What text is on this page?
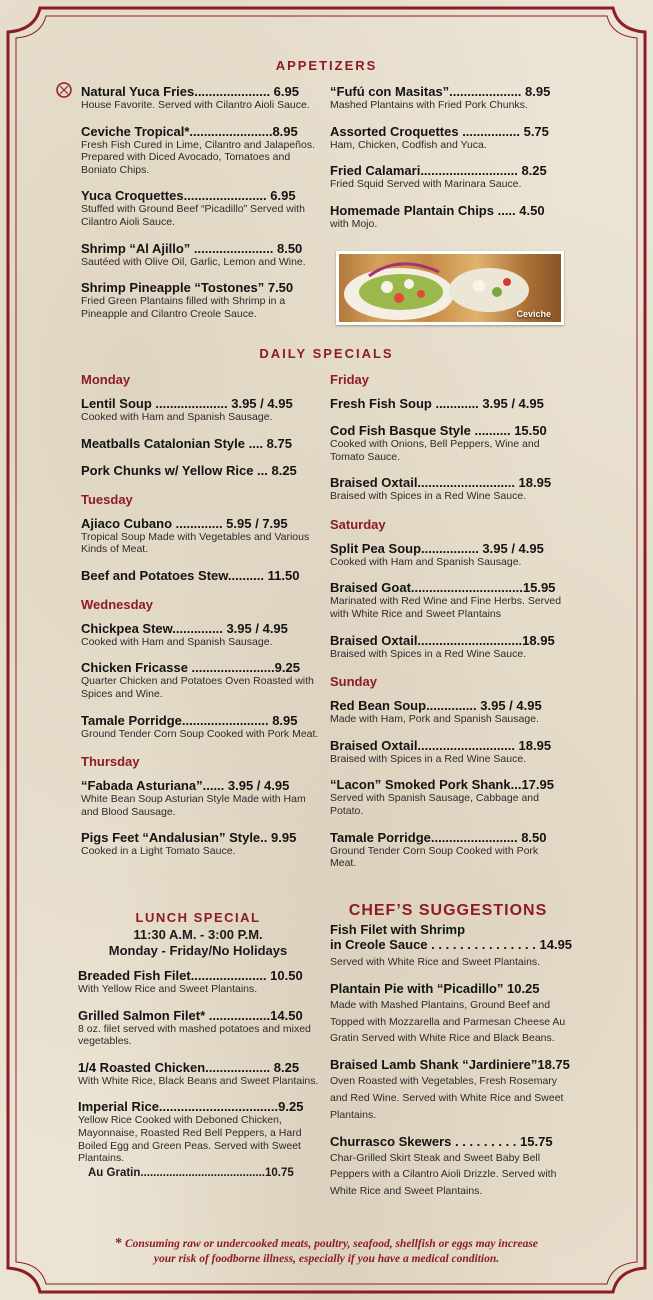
APPETIZERS
Natural Yuca Fries..................... 6.95
House Favorite. Served with Cilantro Aioli Sauce.
Ceviche Tropical*.......................8.95
Fresh Fish Cured in Lime, Cilantro and Jalapeños. Prepared with Diced Avocado, Tomatoes and Boniato Chips.
Yuca Croquettes....................... 6.95
Stuffed with Ground Beef “Picadillo” Served with Cilantro Aioli Sauce.
Shrimp “Al Ajillo” ...................... 8.50
Sautéed with Olive Oil, Garlic, Lemon and Wine.
Shrimp Pineapple “Tostones” 7.50
Fried Green Plantains filled with Shrimp in a Pineapple and Cilantro Creole Sauce.
“Fufú con Masitas”.................... 8.95
Mashed Plantains with Fried Pork Chunks.
Assorted Croquettes ................ 5.75
Ham, Chicken, Codfish and Yuca.
Fried Calamari........................... 8.25
Fried Squid Served with Marinara Sauce.
Homemade Plantain Chips ..... 4.50
with Mojo.
Ceviche
DAILY SPECIALS
Monday
Lentil Soup .................... 3.95 / 4.95
Cooked with Ham and Spanish Sausage.
Meatballs Catalonian Style .... 8.75
Pork Chunks w/ Yellow Rice ... 8.25
Tuesday
Ajiaco Cubano ............. 5.95 / 7.95
Tropical Soup Made with Vegetables and Various Kinds of Meat.
Beef and Potatoes Stew.......... 11.50
Wednesday
Chickpea Stew.............. 3.95 / 4.95
Cooked with Ham and Spanish Sausage.
Chicken Fricasse .......................9.25
Quarter Chicken and Potatoes Oven Roasted with Spices and Wine.
Tamale Porridge........................ 8.95
Ground Tender Corn Soup Cooked with Pork Meat.
Thursday
“Fabada Asturiana”...... 3.95 / 4.95
White Bean Soup Asturian Style Made with Ham and Blood Sausage.
Pigs Feet “Andalusian” Style.. 9.95
Cooked in a Light Tomato Sauce.
Friday
Fresh Fish Soup ............ 3.95 / 4.95
Cod Fish Basque Style .......... 15.50
Cooked with Onions, Bell Peppers, Wine and Tomato Sauce.
Braised Oxtail........................... 18.95
Braised with Spices in a Red Wine Sauce.
Saturday
Split Pea Soup................ 3.95 / 4.95
Cooked with Ham and Spanish Sausage.
Braised Goat...............................15.95
Marinated with Red Wine and Fine Herbs. Served with White Rice and Sweet Plantains
Braised Oxtail.............................18.95
Braised with Spices in a Red Wine Sauce.
Sunday
Red Bean Soup.............. 3.95 / 4.95
Made with Ham, Pork and Spanish Sausage.
Braised Oxtail........................... 18.95
Braised with Spices in a Red Wine Sauce.
“Lacon” Smoked Pork Shank...17.95
Served with Spanish Sausage, Cabbage and Potato.
Tamale Porridge........................ 8.50
Ground Tender Corn Soup Cooked with Pork Meat.
LUNCH SPECIAL
11:30 A.M. - 3:00 P.M.
Monday - Friday/No Holidays
Breaded Fish Filet..................... 10.50
With Yellow Rice and Sweet Plantains.
Grilled Salmon Filet* .................14.50
8 oz. filet served with mashed potatoes and mixed vegetables.
1/4 Roasted Chicken.................. 8.25
With White Rice, Black Beans and Sweet Plantains.
Imperial Rice.................................9.25
Yellow Rice Cooked with Deboned Chicken, Mayonnaise, Roasted Red Bell Peppers, a Hard Boiled Egg and Green Peas. Served with Sweet Plantains.
Au Gratin.......................................10.75
CHEF’S SUGGESTIONS
Fish Filet with Shrimp
in Creole Sauce . . . . . . . . . . . . . . . 14.95
Served with White Rice and Sweet Plantains.
Plantain Pie with “Picadillo” 10.25
Made with Mashed Plantains, Ground Beef and Topped with Mozzarella and Parmesan Cheese Au Gratin Served with White Rice and Black Beans.
Braised Lamb Shank “Jardiniere”18.75
Oven Roasted with Vegetables, Fresh Rosemary and Red Wine. Served with White Rice and Sweet Plantains.
Churrasco Skewers . . . . . . . . . 15.75
Char-Grilled Skirt Steak and Sweet Baby Bell Peppers with a Cilantro Aioli Drizzle. Served with White Rice and Sweet Plantains.
* Consuming raw or undercooked meats, poultry, seafood, shellfish or eggs may increase
your risk of foodborne illness, especially if you have a medical condition.
